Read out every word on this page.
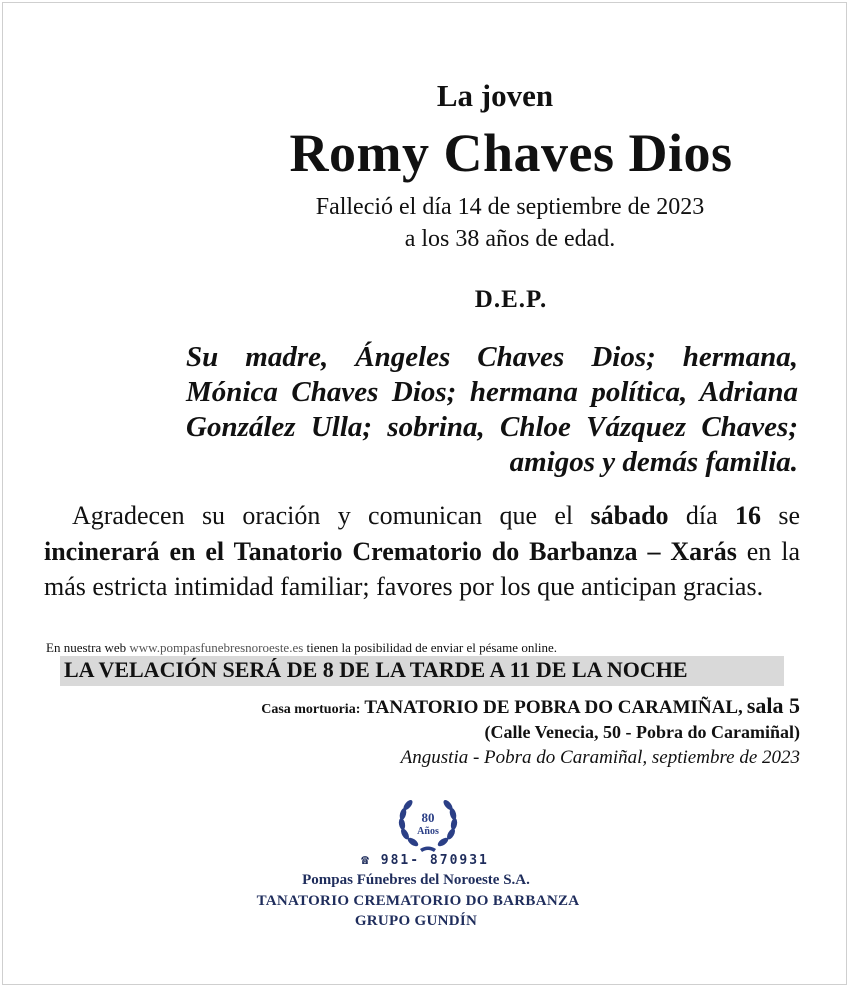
La joven
Romy Chaves Dios
Falleció el día 14 de septiembre de 2023
a los 38 años de edad.
D.E.P.
Su madre, Ángeles Chaves Dios; hermana, Mónica Chaves Dios; hermana política, Adriana González Ulla; sobrina, Chloe Vázquez Chaves; amigos y demás familia.
Agradecen su oración y comunican que el sábado día 16 se incinerará en el Tanatorio Crematorio do Barbanza – Xarás en la más estricta intimidad familiar; favores por los que anticipan gracias.
En nuestra web www.pompasfunebresnoroeste.es tienen la posibilidad de enviar el pésame online.
LA VELACIÓN SERÁ DE 8 DE LA TARDE A 11 DE LA NOCHE
Casa mortuoria: TANATORIO DE POBRA DO CARAMIÑAL, sala 5
(Calle Venecia, 50 - Pobra do Caramiñal)
Angustia - Pobra do Caramiñal, septiembre de 2023
80
Años
☎ 981- 870931
Pompas Fúnebres del Noroeste S.A.
TANATORIO CREMATORIO DO BARBANZA
GRUPO GUNDÍN
